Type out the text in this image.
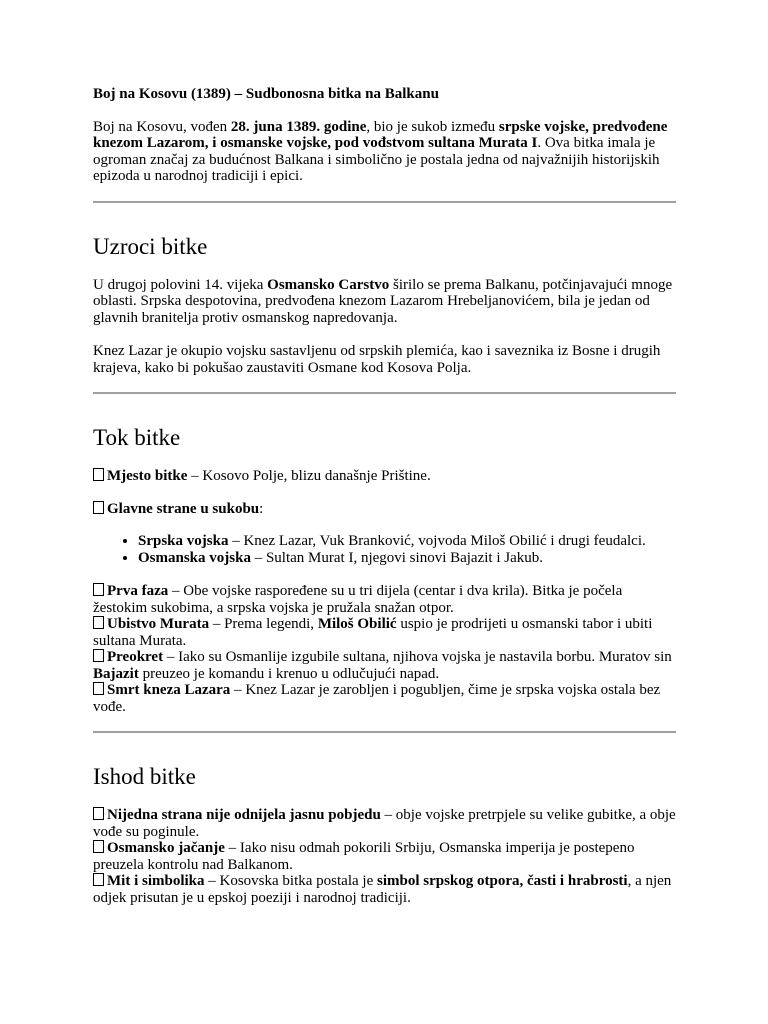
Boj na Kosovu (1389) – Sudbonosna bitka na Balkanu

Boj na Kosovu, vođen 28. juna 1389. godine, bio je sukob između srpske vojske, predvođene knezom Lazarom, i osmanske vojske, pod vođstvom sultana Murata I. Ova bitka imala je ogroman značaj za budućnost Balkana i simbolično je postala jedna od najvažnijih historijskih epizoda u narodnoj tradiciji i epici.

Uzroci bitke

U drugoj polovini 14. vijeka Osmansko Carstvo širilo se prema Balkanu, potčinjavajući mnoge oblasti. Srpska despotovina, predvođena knezom Lazarom Hrebeljanovićem, bila je jedan od glavnih branitelja protiv osmanskog napredovanja.

Knez Lazar je okupio vojsku sastavljenu od srpskih plemića, kao i saveznika iz Bosne i drugih krajeva, kako bi pokušao zaustaviti Osmane kod Kosova Polja.

Tok bitke

Mjesto bitke – Kosovo Polje, blizu današnje Prištine.

Glavne strane u sukobu:

• Srpska vojska – Knez Lazar, Vuk Branković, vojvoda Miloš Obilić i drugi feudalci.
• Osmanska vojska – Sultan Murat I, njegovi sinovi Bajazit i Jakub.

Prva faza – Obe vojske raspoređene su u tri dijela (centar i dva krila). Bitka je počela žestokim sukobima, a srpska vojska je pružala snažan otpor.

Ubistvo Murata – Prema legendi, Miloš Obilić uspio je prodrijeti u osmanski tabor i ubiti sultana Murata.

Preokret – Iako su Osmanlije izgubile sultana, njihova vojska je nastavila borbu. Muratov sin Bajazit preuzeo je komandu i krenuo u odlučujući napad.

Smrt kneza Lazara – Knez Lazar je zarobljen i pogubljen, čime je srpska vojska ostala bez vođe.

Ishod bitke

Nijedna strana nije odnijela jasnu pobjedu – obje vojske pretrpjele su velike gubitke, a obje vođe su poginule.

Osmansko jačanje – Iako nisu odmah pokorili Srbiju, Osmanska imperija je postepeno preuzela kontrolu nad Balkanom.

Mit i simbolika – Kosovska bitka postala je simbol srpskog otpora, časti i hrabrosti, a njen odjek prisutan je u epskoj poeziji i narodnoj tradiciji.
